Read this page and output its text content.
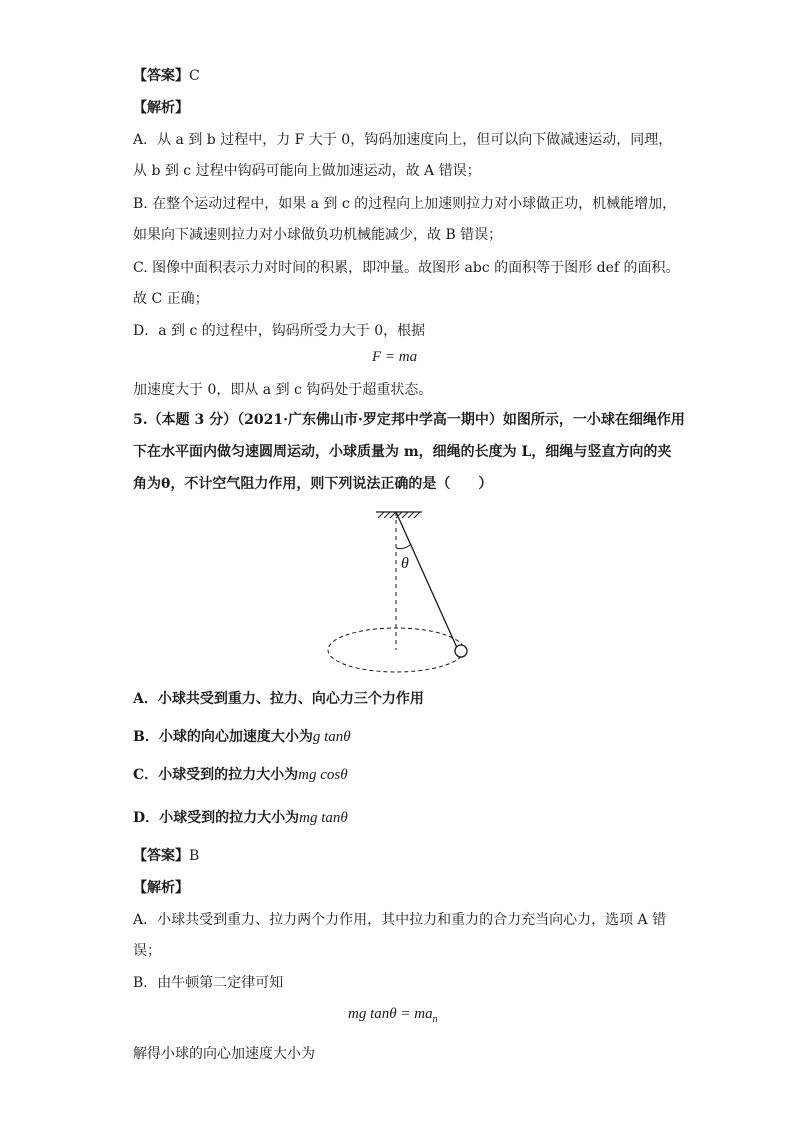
【答案】C
【解析】
A．从 a 到 b 过程中，力 F 大于 0，钩码加速度向上，但可以向下做减速运动，同理，
从 b 到 c 过程中钩码可能向上做加速运动，故 A 错误；
B. 在整个运动过程中，如果 a 到 c 的过程向上加速则拉力对小球做正功，机械能增加，
如果向下减速则拉力对小球做负功机械能减少，故 B 错误；
C. 图像中面积表示力对时间的积累，即冲量。故图形 abc 的面积等于图形 def 的面积。
故 C 正确；
D．a 到 c 的过程中，钩码所受力大于 0，根据
F = ma
加速度大于 0，即从 a 到 c 钩码处于超重状态。
5.（本题 3 分）（2021·广东佛山市·罗定邦中学高一期中）如图所示，一小球在细绳作用
下在水平面内做匀速圆周运动，小球质量为 m，细绳的长度为 L，细绳与竖直方向的夹
角为θ，不计空气阻力作用，则下列说法正确的是（　　）
θ
A．小球共受到重力、拉力、向心力三个力作用
B．小球的向心加速度大小为g tanθ
C．小球受到的拉力大小为mg cosθ
D．小球受到的拉力大小为mg tanθ
【答案】B
【解析】
A．小球共受到重力、拉力两个力作用，其中拉力和重力的合力充当向心力，选项 A 错
误；
B．由牛顿第二定律可知
mg $\tan\theta = ma_n$
解得小球的向心加速度大小为
